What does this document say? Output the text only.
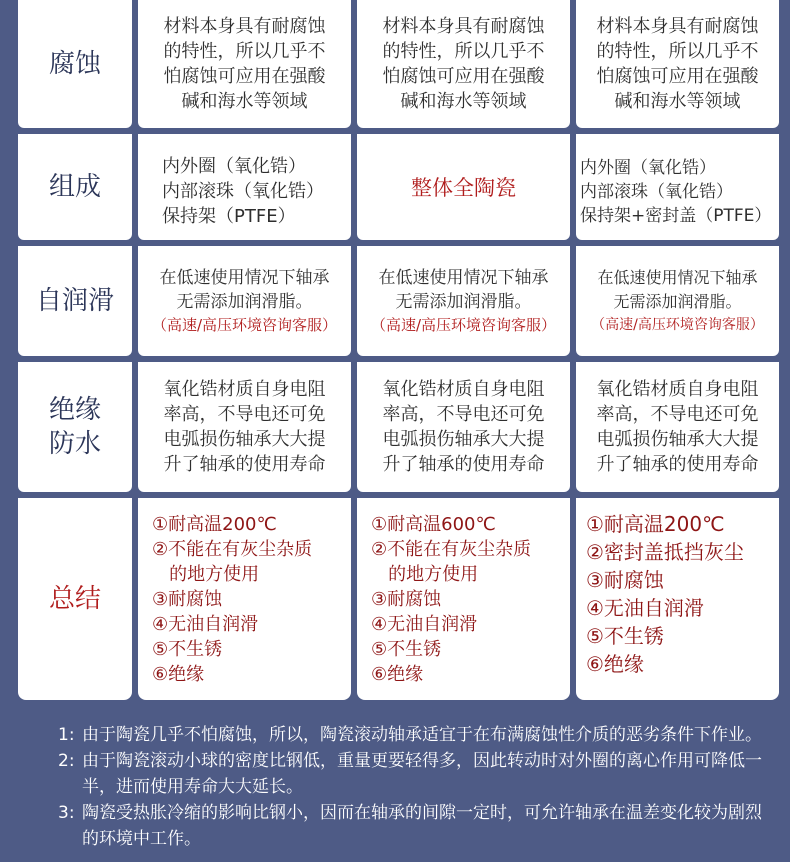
腐蚀
材料本身具有耐腐蚀
的特性，所以几乎不
怕腐蚀可应用在强酸
碱和海水等领域
材料本身具有耐腐蚀
的特性，所以几乎不
怕腐蚀可应用在强酸
碱和海水等领域
材料本身具有耐腐蚀
的特性，所以几乎不
怕腐蚀可应用在强酸
碱和海水等领域
组成
内外圈（氧化锆）
内部滚珠（氧化锆）
保持架（PTFE）
整体全陶瓷
内外圈（氧化锆）
内部滚珠（氧化锆）
保持架+密封盖（PTFE）
自润滑
在低速使用情况下轴承
无需添加润滑脂。
（高速/高压环境咨询客服）
在低速使用情况下轴承
无需添加润滑脂。
（高速/高压环境咨询客服）
在低速使用情况下轴承
无需添加润滑脂。
（高速/高压环境咨询客服）
绝缘
防水
氧化锆材质自身电阻
率高，不导电还可免
电弧损伤轴承大大提
升了轴承的使用寿命
氧化锆材质自身电阻
率高，不导电还可免
电弧损伤轴承大大提
升了轴承的使用寿命
氧化锆材质自身电阻
率高，不导电还可免
电弧损伤轴承大大提
升了轴承的使用寿命
总结
①耐高温200℃
②不能在有灰尘杂质
的地方使用
③耐腐蚀
④无油自润滑
⑤不生锈
⑥绝缘
①耐高温600℃
②不能在有灰尘杂质
的地方使用
③耐腐蚀
④无油自润滑
⑤不生锈
⑥绝缘
①耐高温200℃
②密封盖抵挡灰尘
③耐腐蚀
④无油自润滑
⑤不生锈
⑥绝缘
1: 由于陶瓷几乎不怕腐蚀，所以，陶瓷滚动轴承适宜于在布满腐蚀性介质的恶劣条件下作业。
2: 由于陶瓷滚动小球的密度比钢低，重量更要轻得多，因此转动时对外圈的离心作用可降低一半，进而使用寿命大大延长。
3: 陶瓷受热胀冷缩的影响比钢小，因而在轴承的间隙一定时，可允许轴承在温差变化较为剧烈的环境中工作。
